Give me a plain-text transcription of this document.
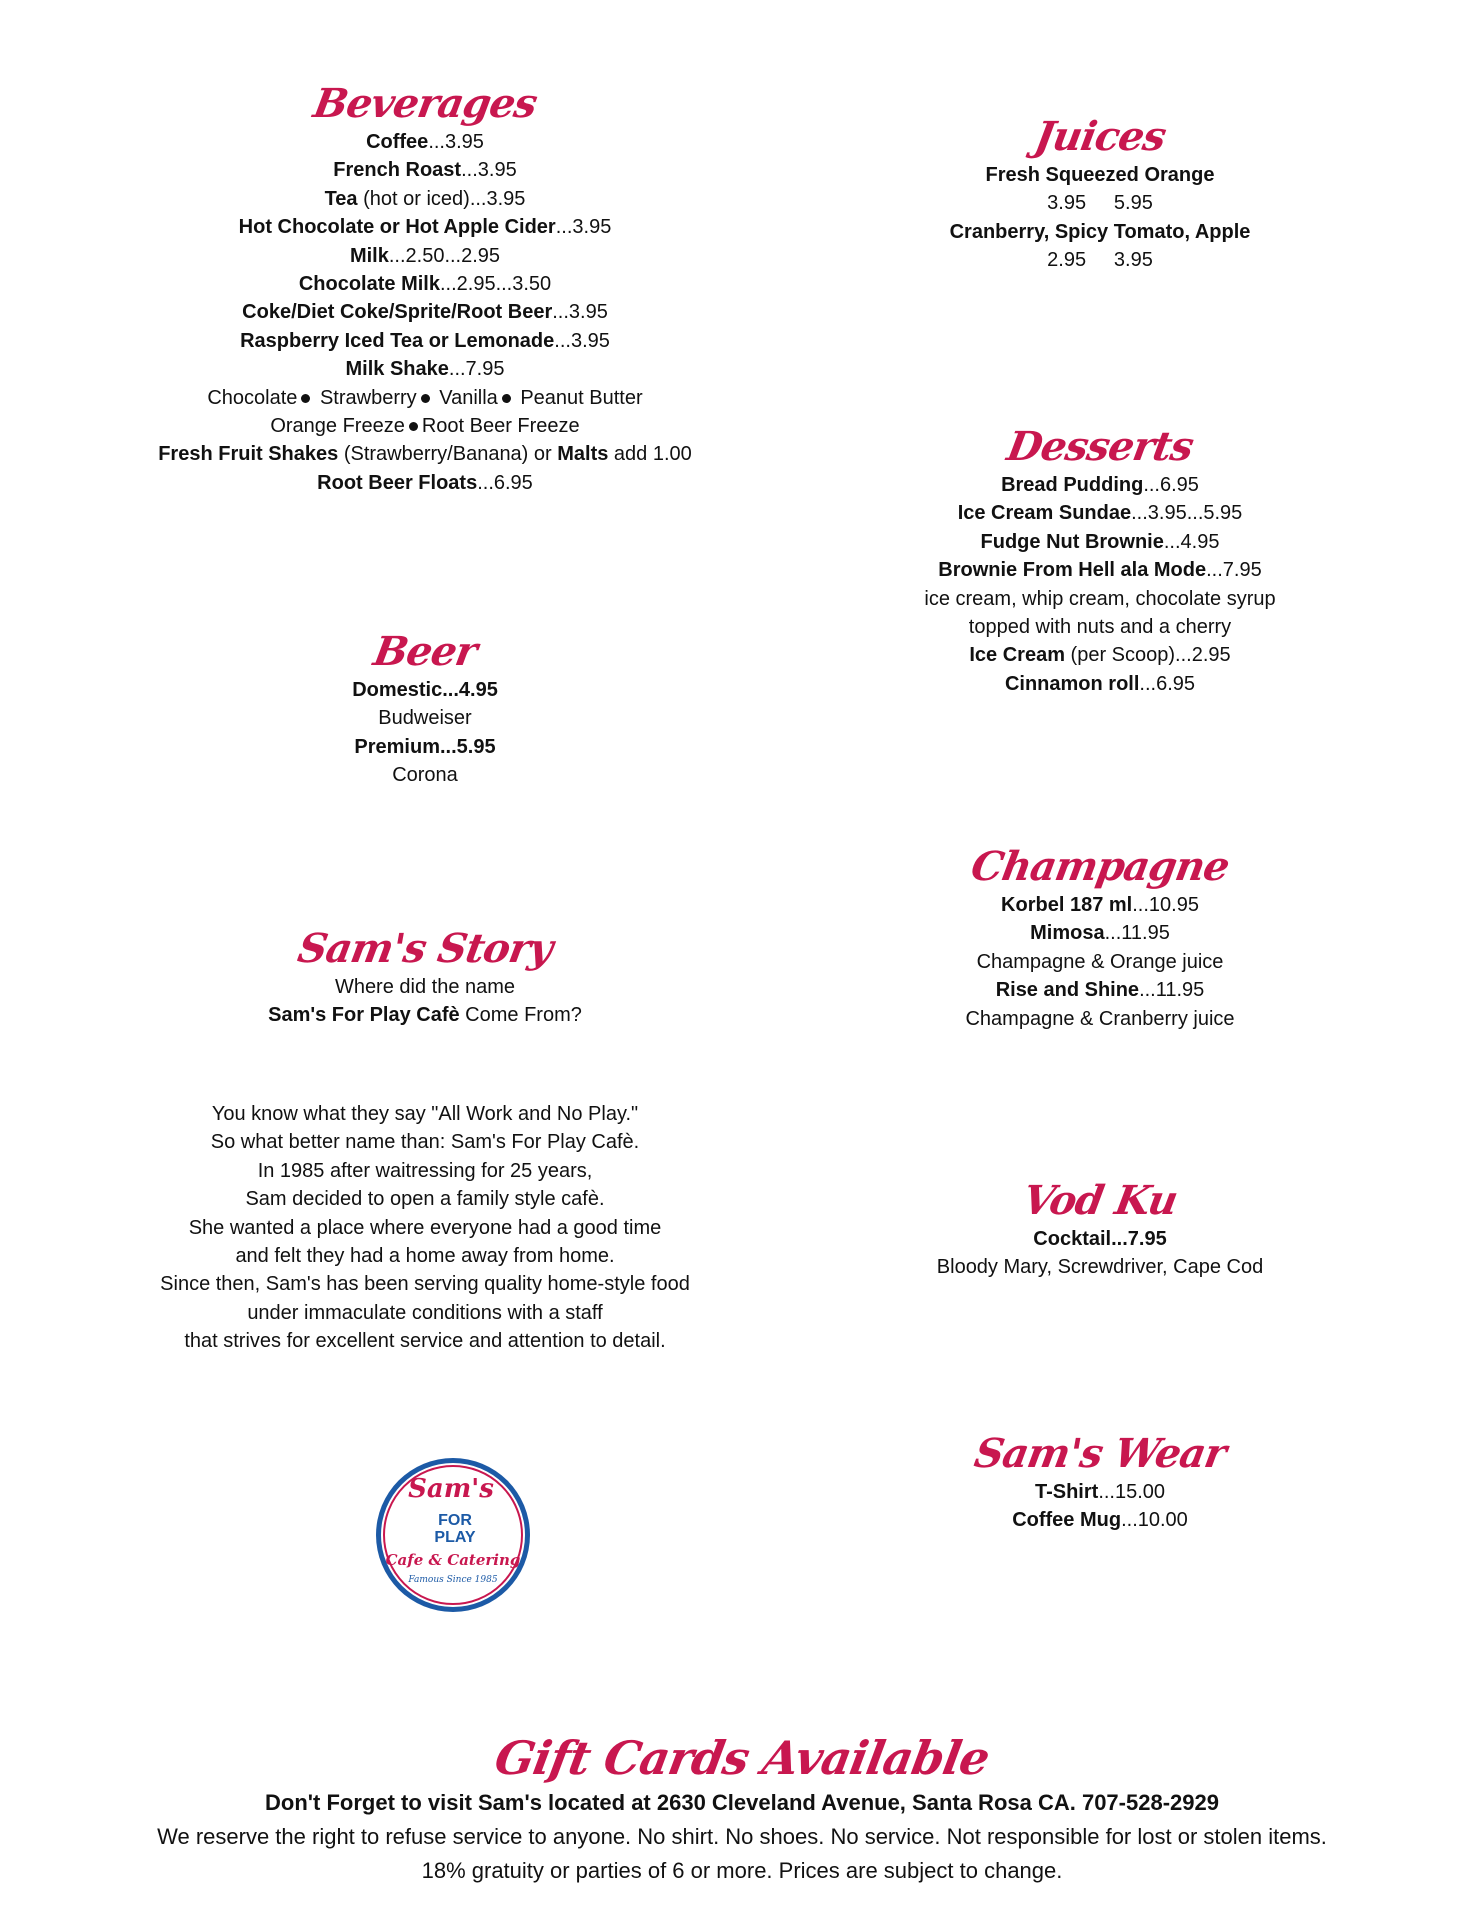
Beverages
Coffee...3.95
French Roast...3.95
Tea (hot or iced)...3.95
Hot Chocolate or Hot Apple Cider...3.95
Milk...2.50...2.95
Chocolate Milk...2.95...3.50
Coke/Diet Coke/Sprite/Root Beer...3.95
Raspberry Iced Tea or Lemonade...3.95
Milk Shake...7.95
Chocolate Strawberry Vanilla Peanut Butter
Orange Freeze Root Beer Freeze
Fresh Fruit Shakes (Strawberry/Banana) or Malts add 1.00
Root Beer Floats...6.95
Beer
Domestic...4.95
Budweiser
Premium...5.95
Corona
Sam's Story
Where did the name
Sam's For Play Cafè Come From?
You know what they say "All Work and No Play."
So what better name than: Sam's For Play Cafè.
In 1985 after waitressing for 25 years,
Sam decided to open a family style cafè.
She wanted a place where everyone had a good time
and felt they had a home away from home.
Since then, Sam's has been serving quality home-style food
under immaculate conditions with a staff
that strives for excellent service and attention to detail.
Sam's
FOR
PLAY
Cafe & Catering
Famous Since 1985
Juices
Fresh Squeezed Orange
3.95 5.95
Cranberry, Spicy Tomato, Apple
2.95 3.95
Desserts
Bread Pudding...6.95
Ice Cream Sundae...3.95...5.95
Fudge Nut Brownie...4.95
Brownie From Hell ala Mode...7.95
ice cream, whip cream, chocolate syrup
topped with nuts and a cherry
Ice Cream (per Scoop)...2.95
Cinnamon roll...6.95
Champagne
Korbel 187 ml...10.95
Mimosa...11.95
Champagne & Orange juice
Rise and Shine...11.95
Champagne & Cranberry juice
Vod Ku
Cocktail...7.95
Bloody Mary, Screwdriver, Cape Cod
Sam's Wear
T-Shirt...15.00
Coffee Mug...10.00
Gift Cards Available
Don't Forget to visit Sam's located at 2630 Cleveland Avenue, Santa Rosa CA. 707-528-2929
We reserve the right to refuse service to anyone. No shirt. No shoes. No service. Not responsible for lost or stolen items.
18% gratuity or parties of 6 or more. Prices are subject to change.
